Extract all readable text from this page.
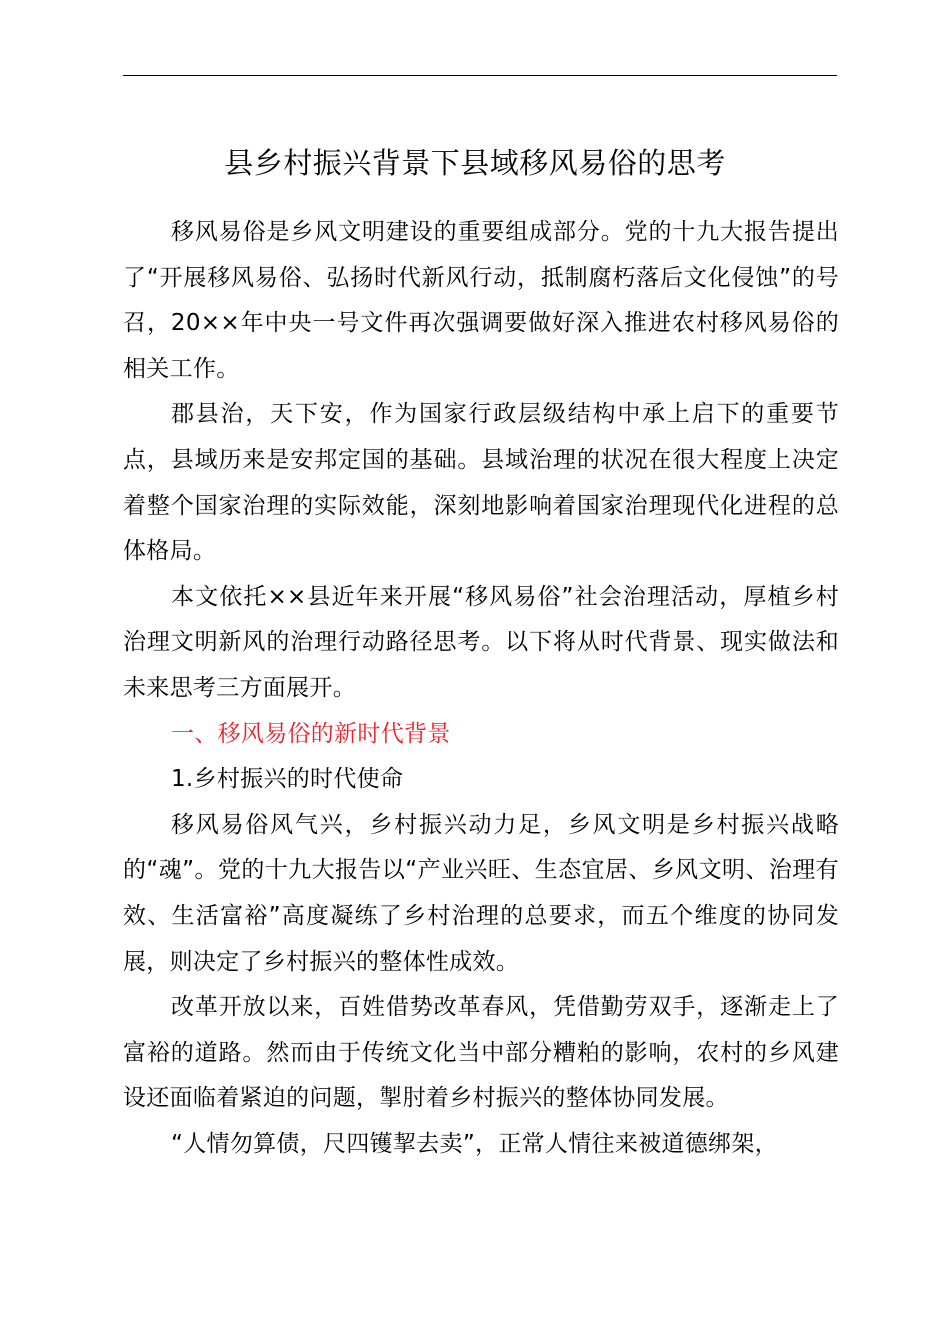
县乡村振兴背景下县域移风易俗的思考

移风易俗是乡风文明建设的重要组成部分。党的十九大报告提出了“开展移风易俗、弘扬时代新风行动，抵制腐朽落后文化侵蚀”的号召，20××年中央一号文件再次强调要做好深入推进农村移风易俗的相关工作。

郡县治，天下安，作为国家行政层级结构中承上启下的重要节点，县域历来是安邦定国的基础。县域治理的状况在很大程度上决定着整个国家治理的实际效能，深刻地影响着国家治理现代化进程的总体格局。

本文依托××县近年来开展“移风易俗”社会治理活动，厚植乡村治理文明新风的治理行动路径思考。以下将从时代背景、现实做法和未来思考三方面展开。

一、移风易俗的新时代背景

1.乡村振兴的时代使命

移风易俗风气兴，乡村振兴动力足，乡风文明是乡村振兴战略的“魂”。党的十九大报告以“产业兴旺、生态宜居、乡风文明、治理有效、生活富裕”高度凝练了乡村治理的总要求，而五个维度的协同发展，则决定了乡村振兴的整体性成效。

改革开放以来，百姓借势改革春风，凭借勤劳双手，逐渐走上了富裕的道路。然而由于传统文化当中部分糟粕的影响，农村的乡风建设还面临着紧迫的问题，掣肘着乡村振兴的整体协同发展。

“人情勿算债，尺四镬挈去卖”，正常人情往来被道德绑架，
